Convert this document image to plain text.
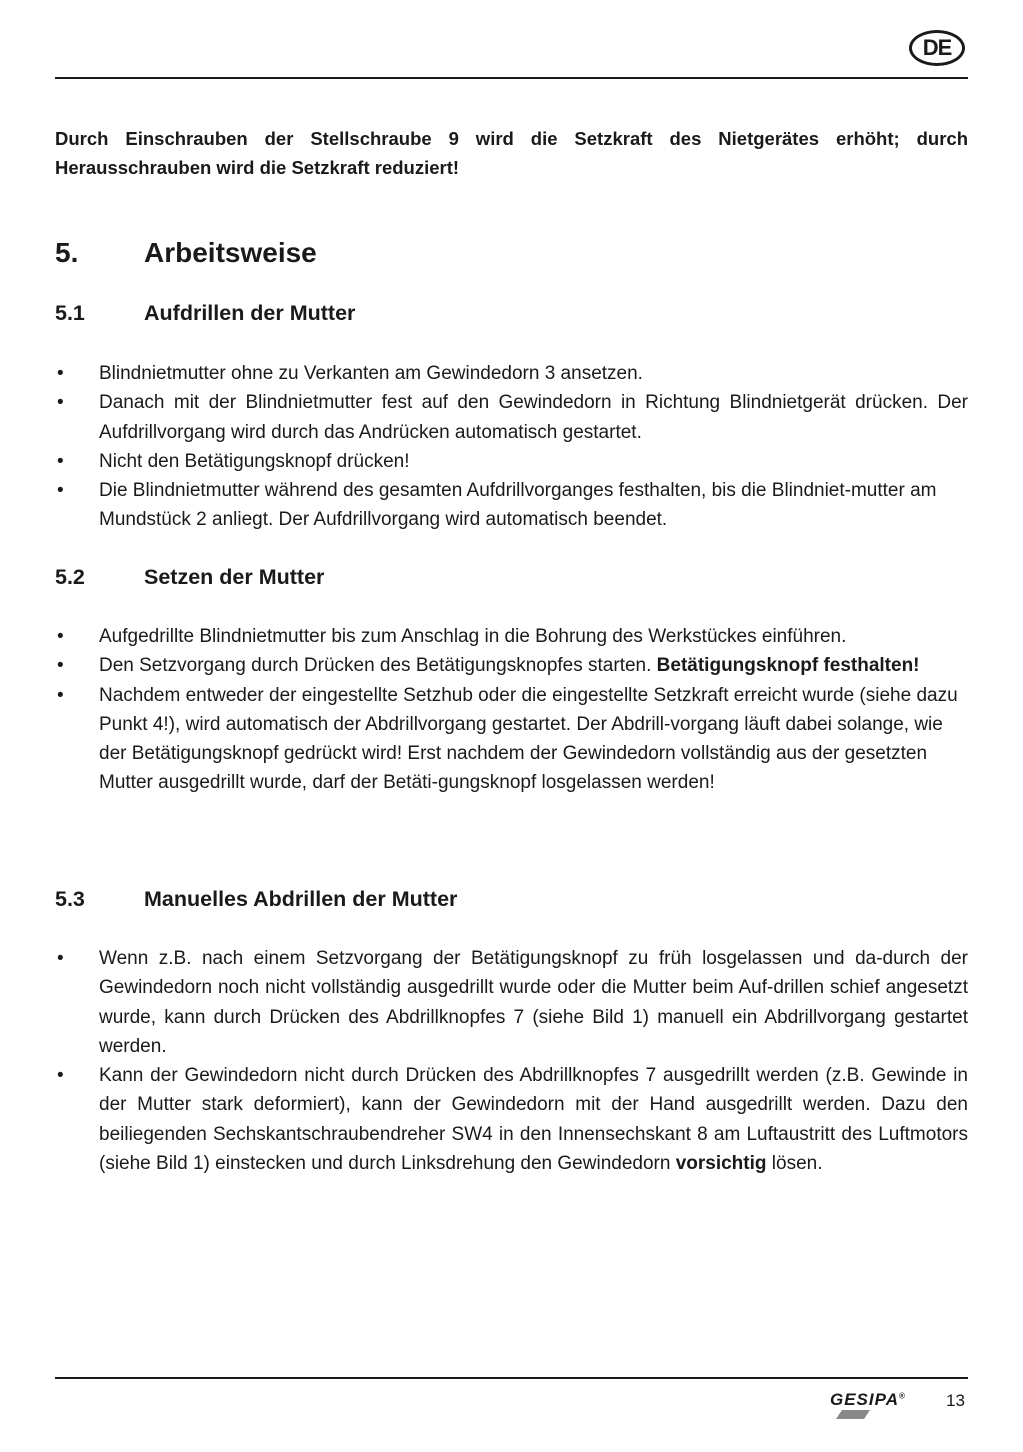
DE

Durch Einschrauben der Stellschraube 9 wird die Setzkraft des Nietgerätes erhöht; durch Herausschrauben wird die Setzkraft reduziert!

5. Arbeitsweise
5.1	Aufdrillen der Mutter
• Blindnietmutter ohne zu Verkanten am Gewindedorn 3 ansetzen.
• Danach mit der Blindnietmutter fest auf den Gewindedorn in Richtung Blindnietgerät drücken. Der Aufdrillvorgang wird durch das Andrücken automatisch gestartet.
• Nicht den Betätigungsknopf drücken!
• Die Blindnietmutter während des gesamten Aufdrillvorganges festhalten, bis die Blindniet-mutter am Mundstück 2 anliegt. Der Aufdrillvorgang wird automatisch beendet.
5.2	Setzen der Mutter
• Aufgedrillte Blindnietmutter bis zum Anschlag in die Bohrung des Werkstückes einführen.
• Den Setzvorgang durch Drücken des Betätigungsknopfes starten. Betätigungsknopf festhalten!
• Nachdem entweder der eingestellte Setzhub oder die eingestellte Setzkraft erreicht wurde (siehe dazu Punkt 4!), wird automatisch der Abdrillvorgang gestartet. Der Abdrill-vorgang läuft dabei solange, wie der Betätigungsknopf gedrückt wird! Erst nachdem der Gewindedorn vollständig aus der gesetzten Mutter ausgedrillt wurde, darf der Betäti-gungsknopf losgelassen werden!
5.3	Manuelles Abdrillen der Mutter
• Wenn z.B. nach einem Setzvorgang der Betätigungsknopf zu früh losgelassen und da-durch der Gewindedorn noch nicht vollständig ausgedrillt wurde oder die Mutter beim Auf-drillen schief angesetzt wurde, kann durch Drücken des Abdrillknopfes 7 (siehe Bild 1) manuell ein Abdrillvorgang gestartet werden.
• Kann der Gewindedorn nicht durch Drücken des Abdrillknopfes 7 ausgedrillt werden (z.B. Gewinde in der Mutter stark deformiert), kann der Gewindedorn mit der Hand ausgedrillt werden. Dazu den beiliegenden Sechskantschraubendreher SW4 in den Innensechskant 8 am Luftaustritt des Luftmotors (siehe Bild 1) einstecken und durch Linksdrehung den Gewindedorn vorsichtig lösen.
GESIPA® 13
